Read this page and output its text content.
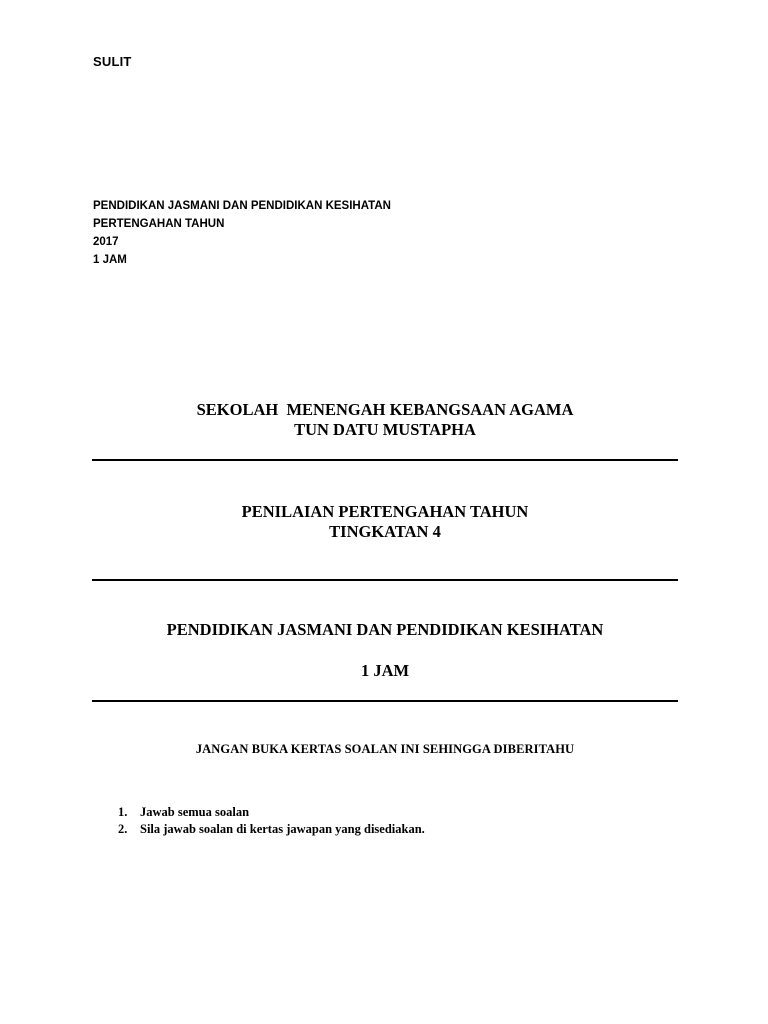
SULIT
PENDIDIKAN JASMANI DAN PENDIDIKAN KESIHATAN
PERTENGAHAN TAHUN
2017
1 JAM
SEKOLAH  MENENGAH KEBANGSAAN AGAMA
TUN DATU MUSTAPHA
PENILAIAN PERTENGAHAN TAHUN
TINGKATAN 4
PENDIDIKAN JASMANI DAN PENDIDIKAN KESIHATAN
1 JAM
JANGAN BUKA KERTAS SOALAN INI SEHINGGA DIBERITAHU
1. Jawab semua soalan
2. Sila jawab soalan di kertas jawapan yang disediakan.
